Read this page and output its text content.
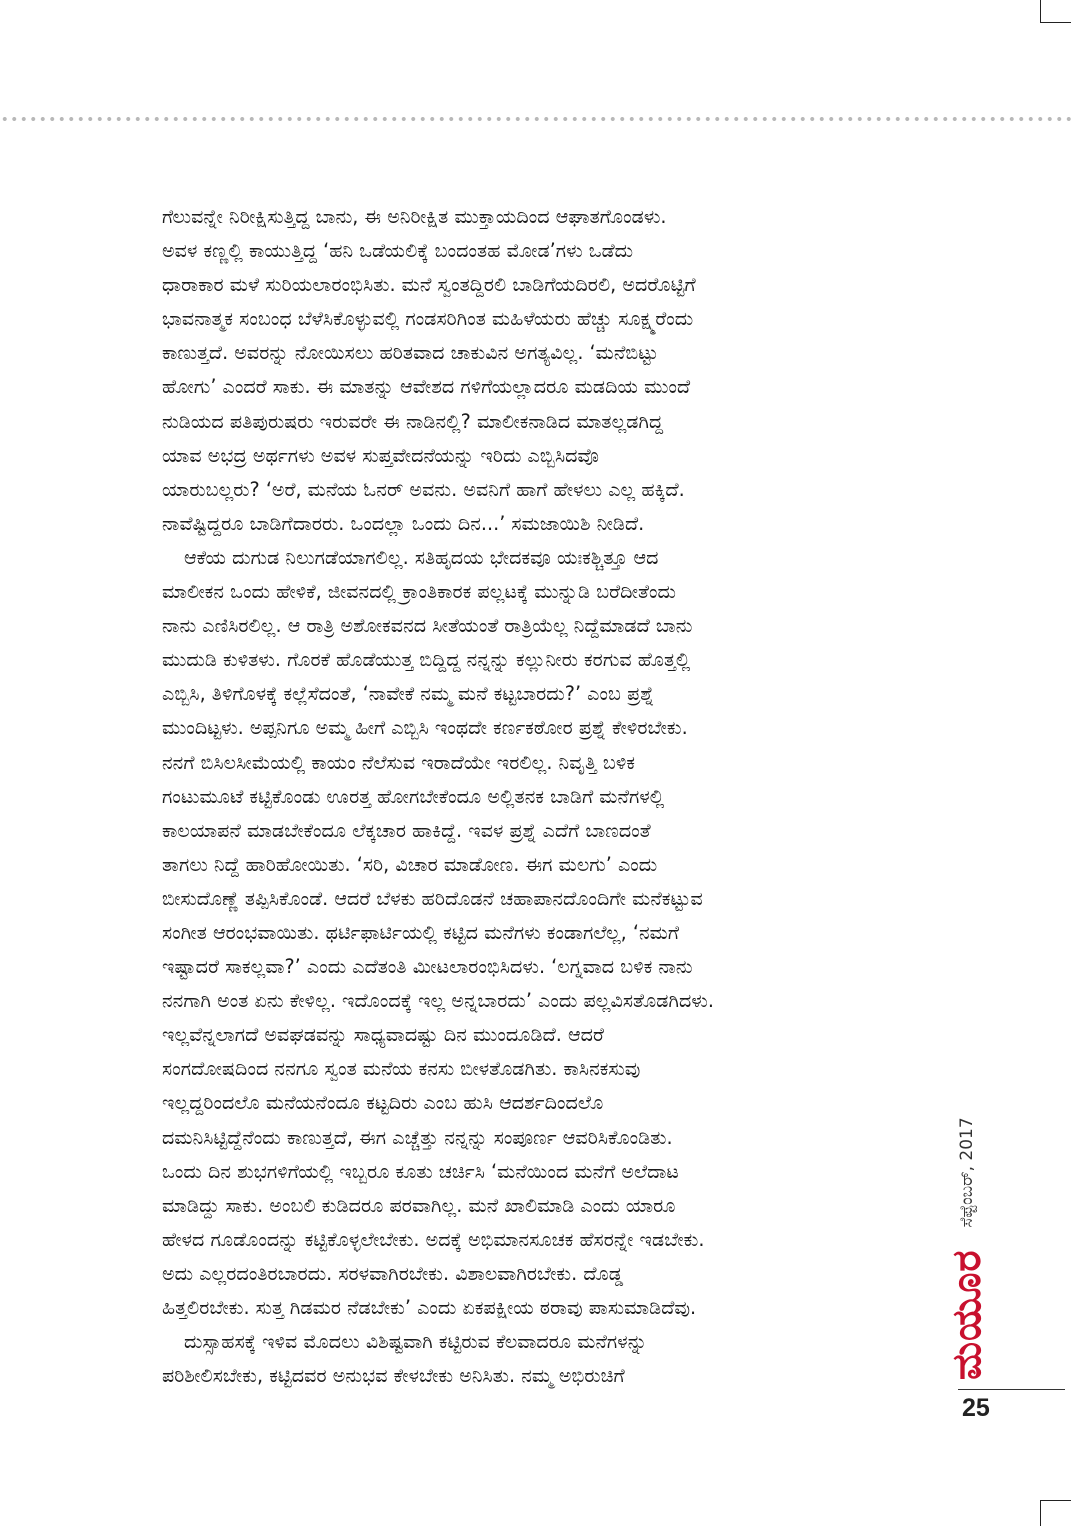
ಗೆಲುವನ್ನೇ ನಿರೀಕ್ಷಿಸುತ್ತಿದ್ದ ಬಾನು, ಈ ಅನಿರೀಕ್ಷಿತ ಮುಕ್ತಾಯದಿಂದ ಆಘಾತಗೊಂಡಳು.
ಅವಳ ಕಣ್ಣಲ್ಲಿ ಕಾಯುತ್ತಿದ್ದ ‘ಹನಿ ಒಡೆಯಲಿಕ್ಕೆ ಬಂದಂತಹ ಮೋಡ’ಗಳು ಒಡೆದು
ಧಾರಾಕಾರ ಮಳೆ ಸುರಿಯಲಾರಂಭಿಸಿತು. ಮನೆ ಸ್ವಂತದ್ದಿರಲಿ ಬಾಡಿಗೆಯದಿರಲಿ, ಅದರೊಟ್ಟಿಗೆ
ಭಾವನಾತ್ಮಕ ಸಂಬಂಧ ಬೆಳೆಸಿಕೊಳ್ಳುವಲ್ಲಿ ಗಂಡಸರಿಗಿಂತ ಮಹಿಳೆಯರು ಹೆಚ್ಚು ಸೂಕ್ಷ್ಮರೆಂದು
ಕಾಣುತ್ತದೆ. ಅವರನ್ನು ನೋಯಿಸಲು ಹರಿತವಾದ ಚಾಕುವಿನ ಅಗತ್ಯವಿಲ್ಲ. ‘ಮನೆಬಿಟ್ಟು
ಹೋಗು’ ಎಂದರೆ ಸಾಕು. ಈ ಮಾತನ್ನು ಆವೇಶದ ಗಳಿಗೆಯಲ್ಲಾದರೂ ಮಡದಿಯ ಮುಂದೆ
ನುಡಿಯದ ಪತಿಪುರುಷರು ಇರುವರೇ ಈ ನಾಡಿನಲ್ಲಿ? ಮಾಲೀಕನಾಡಿದ ಮಾತಲ್ಲಡಗಿದ್ದ
ಯಾವ ಅಭದ್ರ ಅರ್ಥಗಳು ಅವಳ ಸುಪ್ತವೇದನೆಯನ್ನು ಇರಿದು ಎಬ್ಬಿಸಿದವೊ
ಯಾರುಬಲ್ಲರು? ‘ಅರೆ, ಮನೆಯ ಓನರ್ ಅವನು. ಅವನಿಗೆ ಹಾಗೆ ಹೇಳಲು ಎಲ್ಲ ಹಕ್ಕಿದೆ.
ನಾವೆಷ್ಟಿದ್ದರೂ ಬಾಡಿಗೆದಾರರು. ಒಂದಲ್ಲಾ ಒಂದು ದಿನ...’ ಸಮಜಾಯಿಶಿ ನೀಡಿದೆ.
ಆಕೆಯ ದುಗುಡ ನಿಲುಗಡೆಯಾಗಲಿಲ್ಲ. ಸತಿಹೃದಯ ಭೇದಕವೂ ಯಃಕಶ್ಚಿತ್ತೂ ಆದ
ಮಾಲೀಕನ ಒಂದು ಹೇಳಿಕೆ, ಜೀವನದಲ್ಲಿ ಕ್ರಾಂತಿಕಾರಕ ಪಲ್ಲಟಕ್ಕೆ ಮುನ್ನುಡಿ ಬರೆದೀತೆಂದು
ನಾನು ಎಣಿಸಿರಲಿಲ್ಲ. ಆ ರಾತ್ರಿ ಅಶೋಕವನದ ಸೀತೆಯಂತೆ ರಾತ್ರಿಯೆಲ್ಲ ನಿದ್ದೆಮಾಡದೆ ಬಾನು
ಮುದುಡಿ ಕುಳಿತಳು. ಗೊರಕೆ ಹೊಡೆಯುತ್ತ ಬಿದ್ದಿದ್ದ ನನ್ನನ್ನು ಕಲ್ಲುನೀರು ಕರಗುವ ಹೊತ್ತಲ್ಲಿ
ಎಬ್ಬಿಸಿ, ತಿಳಿಗೊಳಕ್ಕೆ ಕಲ್ಲೆಸೆದಂತೆ, ‘ನಾವೇಕೆ ನಮ್ಮ ಮನೆ ಕಟ್ಟಬಾರದು?’ ಎಂಬ ಪ್ರಶ್ನೆ
ಮುಂದಿಟ್ಟಳು. ಅಪ್ಪನಿಗೂ ಅಮ್ಮ ಹೀಗೆ ಎಬ್ಬಿಸಿ ಇಂಥದೇ ಕರ್ಣಕಠೋರ ಪ್ರಶ್ನೆ ಕೇಳಿರಬೇಕು.
ನನಗೆ ಬಿಸಿಲಸೀಮೆಯಲ್ಲಿ ಕಾಯಂ ನೆಲೆಸುವ ಇರಾದೆಯೇ ಇರಲಿಲ್ಲ. ನಿವೃತ್ತಿ ಬಳಿಕ
ಗಂಟುಮೂಟೆ ಕಟ್ಟಿಕೊಂಡು ಊರತ್ತ ಹೋಗಬೇಕೆಂದೂ ಅಲ್ಲಿತನಕ ಬಾಡಿಗೆ ಮನೆಗಳಲ್ಲಿ
ಕಾಲಯಾಪನೆ ಮಾಡಬೇಕೆಂದೂ ಲೆಕ್ಕಚಾರ ಹಾಕಿದ್ದೆ. ಇವಳ ಪ್ರಶ್ನೆ ಎದೆಗೆ ಬಾಣದಂತೆ
ತಾಗಲು ನಿದ್ದೆ ಹಾರಿಹೋಯಿತು. ‘ಸರಿ, ವಿಚಾರ ಮಾಡೋಣ. ಈಗ ಮಲಗು’ ಎಂದು
ಬೀಸುದೊಣ್ಣೆ ತಪ್ಪಿಸಿಕೊಂಡೆ. ಆದರೆ ಬೆಳಕು ಹರಿದೊಡನೆ ಚಹಾಪಾನದೊಂದಿಗೇ ಮನೆಕಟ್ಟುವ
ಸಂಗೀತ ಆರಂಭವಾಯಿತು. ಥರ್ಟಿಫಾರ್ಟಿಯಲ್ಲಿ ಕಟ್ಟಿದ ಮನೆಗಳು ಕಂಡಾಗಲೆಲ್ಲ, ‘ನಮಗೆ
ಇಷ್ಟಾದರೆ ಸಾಕಲ್ಲವಾ?’ ಎಂದು ಎದೆತಂತಿ ಮೀಟಲಾರಂಭಿಸಿದಳು. ‘ಲಗ್ನವಾದ ಬಳಿಕ ನಾನು
ನನಗಾಗಿ ಅಂತ ಏನು ಕೇಳಿಲ್ಲ. ಇದೊಂದಕ್ಕೆ ಇಲ್ಲ ಅನ್ನಬಾರದು’ ಎಂದು ಪಲ್ಲವಿಸತೊಡಗಿದಳು.
ಇಲ್ಲವೆನ್ನಲಾಗದೆ ಅವಘಡವನ್ನು ಸಾಧ್ಯವಾದಷ್ಟು ದಿನ ಮುಂದೂಡಿದೆ. ಆದರೆ
ಸಂಗದೋಷದಿಂದ ನನಗೂ ಸ್ವಂತ ಮನೆಯ ಕನಸು ಬೀಳತೊಡಗಿತು. ಕಾಸಿನಕಸುವು
ಇಲ್ಲದ್ದರಿಂದಲೊ ಮನೆಯನೆಂದೂ ಕಟ್ಟದಿರು ಎಂಬ ಹುಸಿ ಆದರ್ಶದಿಂದಲೊ
ದಮನಿಸಿಟ್ಟಿದ್ದೆನೆಂದು ಕಾಣುತ್ತದೆ, ಈಗ ಎಚ್ಚೆತ್ತು ನನ್ನನ್ನು ಸಂಪೂರ್ಣ ಆವರಿಸಿಕೊಂಡಿತು.
ಒಂದು ದಿನ ಶುಭಗಳಿಗೆಯಲ್ಲಿ ಇಬ್ಬರೂ ಕೂತು ಚರ್ಚಿಸಿ ‘ಮನೆಯಿಂದ ಮನೆಗೆ ಅಲೆದಾಟ
ಮಾಡಿದ್ದು ಸಾಕು. ಅಂಬಲಿ ಕುಡಿದರೂ ಪರವಾಗಿಲ್ಲ. ಮನೆ ಖಾಲಿಮಾಡಿ ಎಂದು ಯಾರೂ
ಹೇಳದ ಗೂಡೊಂದನ್ನು ಕಟ್ಟಿಕೊಳ್ಳಲೇಬೇಕು. ಅದಕ್ಕೆ ಅಭಿಮಾನಸೂಚಕ ಹೆಸರನ್ನೇ ಇಡಬೇಕು.
ಅದು ಎಲ್ಲರದಂತಿರಬಾರದು. ಸರಳವಾಗಿರಬೇಕು. ವಿಶಾಲವಾಗಿರಬೇಕು. ದೊಡ್ಡ
ಹಿತ್ತಲಿರಬೇಕು. ಸುತ್ತ ಗಿಡಮರ ನೆಡಬೇಕು’ ಎಂದು ಏಕಪಕ್ಷೀಯ ಠರಾವು ಪಾಸುಮಾಡಿದೆವು.
ದುಸ್ಸಾಹಸಕ್ಕೆ ಇಳಿವ ಮೊದಲು ವಿಶಿಷ್ಟವಾಗಿ ಕಟ್ಟಿರುವ ಕೆಲವಾದರೂ ಮನೆಗಳನ್ನು
ಪರಿಶೀಲಿಸಬೇಕು, ಕಟ್ಟಿದವರ ಅನುಭವ ಕೇಳಬೇಕು ಅನಿಸಿತು. ನಮ್ಮ ಅಭಿರುಚಿಗೆ	ಮಯೂರ
ಸೆಪ್ಟೆಂಬರ್, 2017
25
